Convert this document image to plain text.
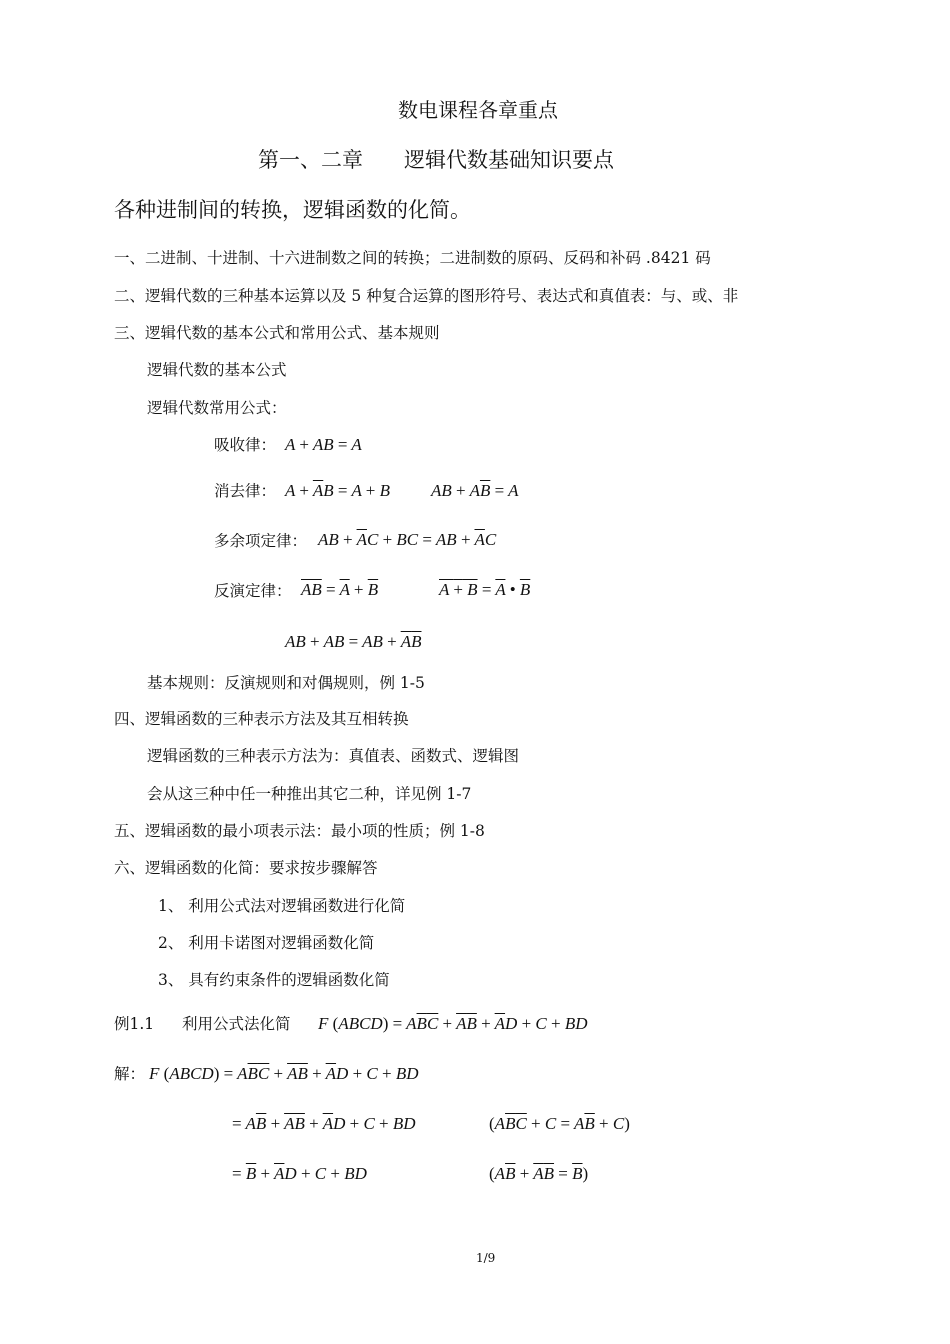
数电课程各章重点
第一、二章 逻辑代数基础知识要点
各种进制间的转换，逻辑函数的化简。
一、二进制、十进制、十六进制数之间的转换；二进制数的原码、反码和补码 .8421 码
二、逻辑代数的三种基本运算以及 5 种复合运算的图形符号、表达式和真值表：与、或、非
三、逻辑代数的基本公式和常用公式、基本规则
逻辑代数的基本公式
逻辑代数常用公式：
吸收律： A + AB = A
消去律： $A + \overline{A}B = A + B$ AB + $A\overline{B} = A$
多余项定律： AB + $\overline{A}C$ + BC = AB + $\overline{A}C$
反演定律： $\overline{AB} = \overline{A} + \overline{B}$	$A + B = \overline{A}$ • $\overline{B}$
AB + AB = AB + $\overline{A}\overline{B}$
基本规则：反演规则和对偶规则，例 1-5
四、逻辑函数的三种表示方法及其互相转换
逻辑函数的三种表示方法为：真值表、函数式、逻辑图
会从这三种中任一种推出其它二种，详见例 1-7
五、逻辑函数的最小项表示法：最小项的性质；例 1-8
六、逻辑函数的化简：要求按步骤解答
1、 利用公式法对逻辑函数进行化简
2、 利用卡诺图对逻辑函数化简
3、 具有约束条件的逻辑函数化简
例1.1 利用公式法化简 F (ABCD) = $A\overline{B}\overline{C} + \overline{A}\overline{B} + \overline{A}D + C$ + BD
解： F (ABCD) = $A\overline{B}\overline{C} + \overline{A}\overline{B} + \overline{A}D + C$ + BD
= $A\overline{B} + \overline{A}\overline{B} + \overline{A}D + C$ + BD	$(A\overline{B}\overline{C} + C = A\overline{B} + C)$
= $\overline{B} + \overline{A}D + C$ + BD	$(A\overline{B} + \overline{A}\overline{B} = \overline{B})$
1/9
